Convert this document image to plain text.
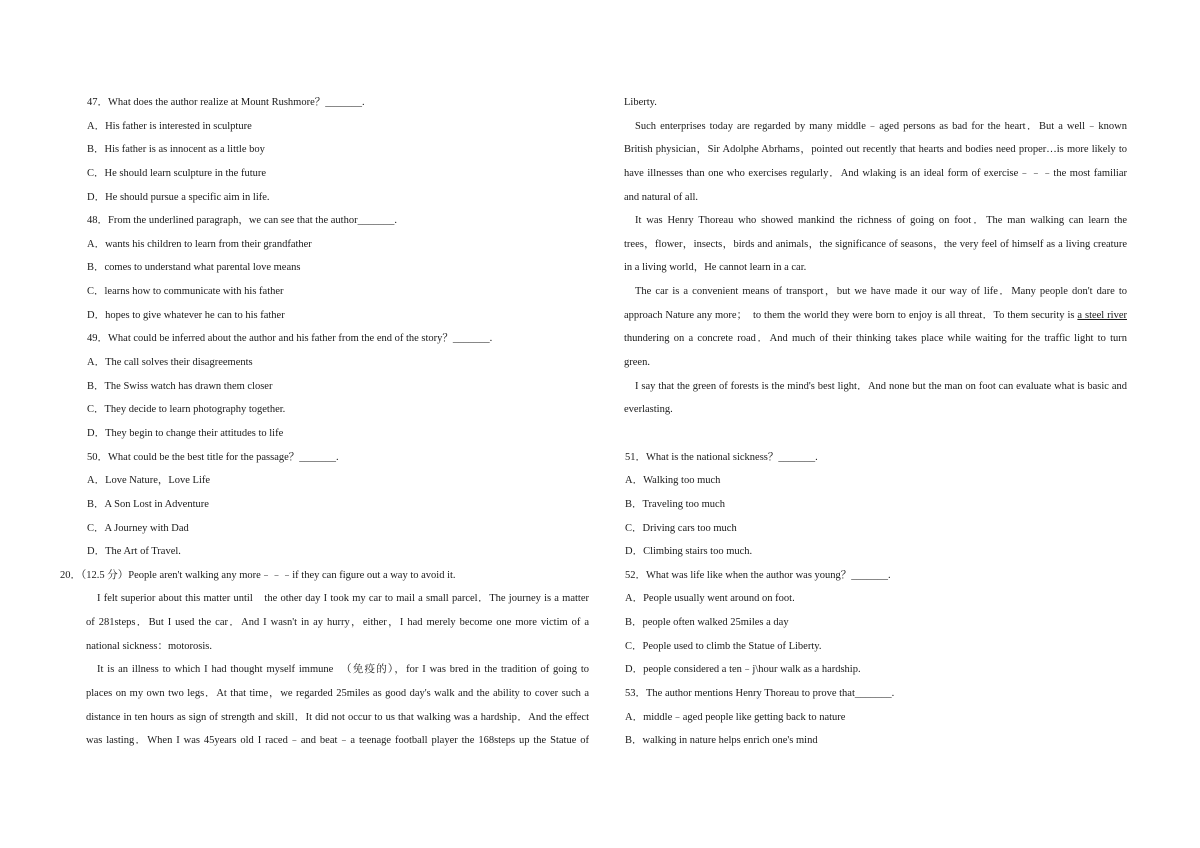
47．What does the author realize at Mount Rushmore？_______.
A．His father is interested in sculpture
B．His father is as innocent as a little boy
C．He should learn sculpture in the future
D．He should pursue a specific aim in life.
48．From the underlined paragraph，we can see that the author_______.
A．wants his children to learn from their grandfather
B．comes to understand what parental love means
C．learns how to communicate with his father
D．hopes to give whatever he can to his father
49．What could be inferred about the author and his father from the end of the story？_______.
A．The call solves their disagreements
B．The Swiss watch has drawn them closer
C．They decide to learn photography together.
D．They begin to change their attitudes to life
50．What could be the best title for the passage？_______.
A．Love Nature，Love Life
B．A Son Lost in Adventure
C．A Journey with Dad
D．The Art of Travel.
20．（12.5 分）People aren't walking any more﹣﹣﹣if they can figure out a way to avoid it.
I felt superior about this matter until　the other day I took my car to mail a small parcel．The journey is a matter
of 281steps．But I used the car．And I wasn't in ay hurry，either，I had merely become one more victim of a
national sickness：motorosis.
It is an illness to which I had thought myself immune　（免疫的），for I was bred in the tradition of going to
places on my own two legs．At that time，we regarded 25miles as good day's walk and the ability to cover such a
distance in ten hours as sign of strength and skill．It did not occur to us that walking was a hardship．And the effect
was lasting．When I was 45years old I raced﹣and beat﹣a teenage football player the 168steps up the Statue of
Liberty.
Such enterprises today are regarded by many middle﹣aged persons as bad for the heart．But a well﹣known
British physician，Sir Adolphe Abrhams，pointed out recently that hearts and bodies need proper…is more likely to
have illnesses than one who exercises regularly．And wlaking is an ideal form of exercise﹣﹣﹣the most familiar
and natural of all.
It was Henry Thoreau who showed mankind the richness of going on foot．The man walking can learn the
trees，flower，insects，birds and animals，the significance of seasons，the very feel of himself as a living creature
in a living world，He cannot learn in a car.
The car is a convenient means of transport，but we have made it our way of life．Many people don't dare to
approach Nature any more；　to them the world they were born to enjoy is all threat．To them security is a steel river
thundering on a concrete road．And much of their thinking takes place while waiting for the traffic light to turn
green.
I say that the green of forests is the mind's best light．And none but the man on foot can evaluate what is basic and
everlasting.
51．What is the national sickness？_______.
A．Walking too much
B．Traveling too much
C．Driving cars too much
D．Climbing stairs too much.
52．What was life like when the author was young？_______.
A．People usually went around on foot.
B．people often walked 25miles a day
C．People used to climb the Statue of Liberty.
D．people considered a ten﹣j\hour walk as a hardship.
53．The author mentions Henry Thoreau to prove that_______.
A．middle﹣aged people like getting back to nature
B．walking in nature helps enrich one's mind
